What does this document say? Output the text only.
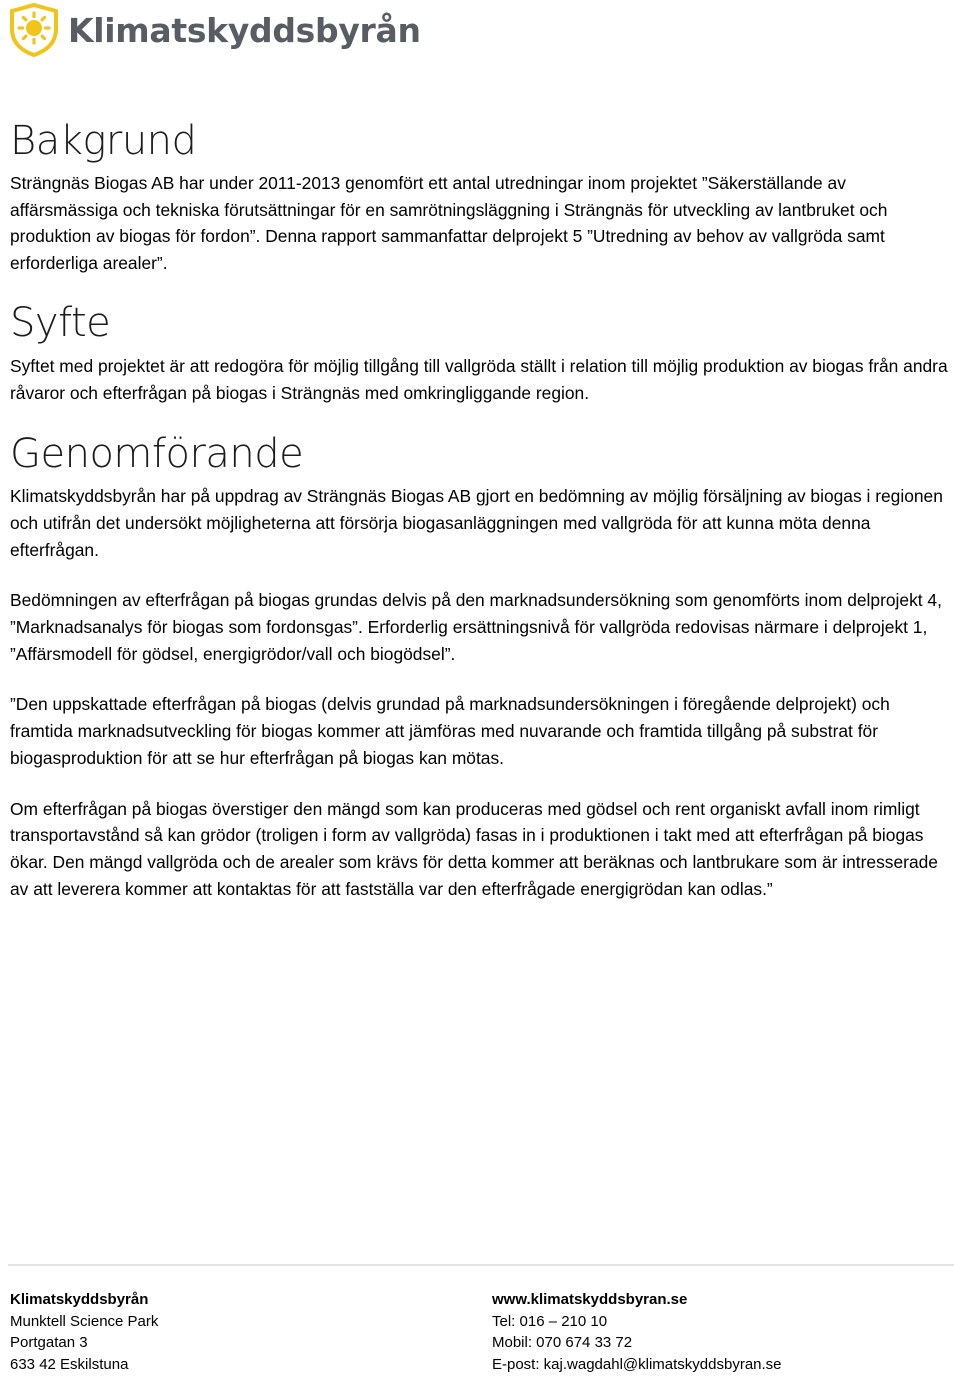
Klimatskyddsbyrån
Bakgrund

Strängnäs Biogas AB har under 2011-2013 genomfört ett antal utredningar inom projektet ”Säkerställande av affärsmässiga och tekniska förutsättningar för en samrötningsläggning i Strängnäs för utveckling av lantbruket och produktion av biogas för fordon”. Denna rapport sammanfattar delprojekt 5 ”Utredning av behov av vallgröda samt erforderliga arealer”.

Syfte

Syftet med projektet är att redogöra för möjlig tillgång till vallgröda ställt i relation till möjlig produktion av biogas från andra råvaror och efterfrågan på biogas i Strängnäs med omkringliggande region.

Genomförande

Klimatskyddsbyrån har på uppdrag av Strängnäs Biogas AB gjort en bedömning av möjlig försäljning av biogas i regionen och utifrån det undersökt möjligheterna att försörja biogasanläggningen med vallgröda för att kunna möta denna efterfrågan.

Bedömningen av efterfrågan på biogas grundas delvis på den marknadsundersökning som genomförts inom delprojekt 4, ”Marknadsanalys för biogas som fordonsgas”. Erforderlig ersättningsnivå för vallgröda redovisas närmare i delprojekt 1, ”Affärsmodell för gödsel, energigrödor/vall och biogödsel”.

”Den uppskattade efterfrågan på biogas (delvis grundad på marknadsundersökningen i föregående delprojekt) och framtida marknadsutveckling för biogas kommer att jämföras med nuvarande och framtida tillgång på substrat för biogasproduktion för att se hur efterfrågan på biogas kan mötas.

Om efterfrågan på biogas överstiger den mängd som kan produceras med gödsel och rent organiskt avfall inom rimligt transportavstånd så kan grödor (troligen i form av vallgröda) fasas in i produktionen i takt med att efterfrågan på biogas ökar. Den mängd vallgröda och de arealer som krävs för detta kommer att beräknas och lantbrukare som är intresserade av att leverera kommer att kontaktas för att fastställa var den efterfrågade energigrödan kan odlas.”

Klimatskyddsbyrån
Munktell Science Park
Portgatan 3
633 42 Eskilstuna
www.klimatskyddsbyran.se
Tel: 016 – 210 10
Mobil: 070 674 33 72
E-post: kaj.wagdahl@klimatskyddsbyran.se
